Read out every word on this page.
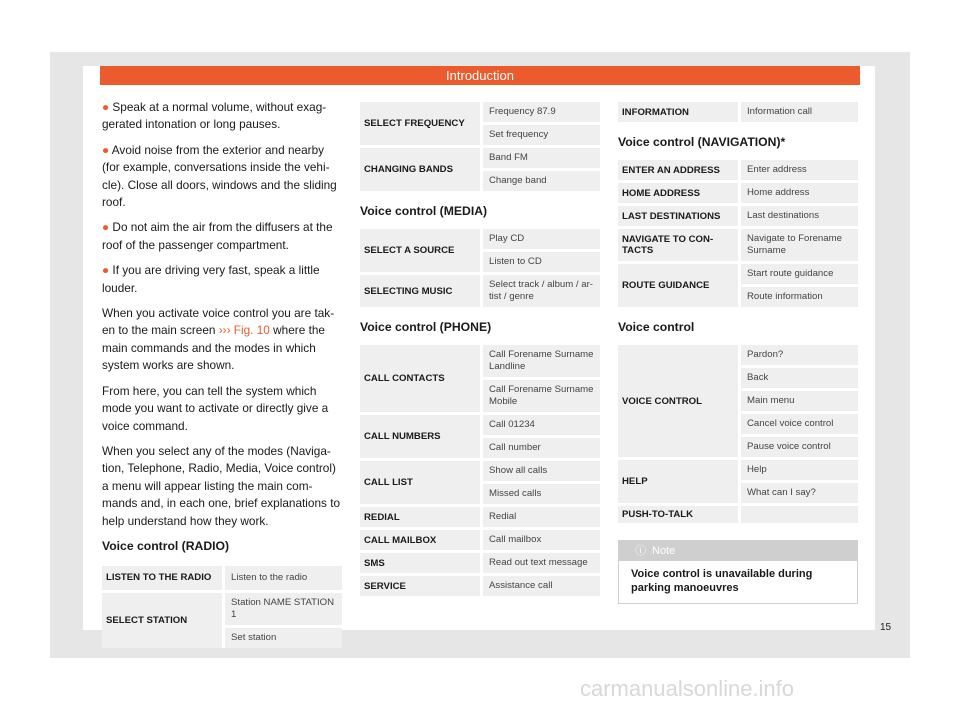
Introduction

● Speak at a normal volume, without exag-gerated intonation or long pauses.

● Avoid noise from the exterior and nearby (for example, conversations inside the vehi-cle). Close all doors, windows and the sliding roof.

● Do not aim the air from the diffusers at the roof of the passenger compartment.

● If you are driving very fast, speak a little louder.

When you activate voice control you are tak-en to the main screen ››› Fig. 10 where the main commands and the modes in which system works are shown.

From here, you can tell the system which mode you want to activate or directly give a voice command.

When you select any of the modes (Naviga-tion, Telephone, Radio, Media, Voice control) a menu will appear listing the main com-mands and, in each one, brief explanations to help understand how they work.

Voice control (RADIO)
LISTEN TO THE RADIO	Listen to the radio
SELECT STATION	Station NAME STATION 1
	Set station
SELECT FREQUENCY	Frequency 87.9
	Set frequency
CHANGING BANDS	Band FM
	Change band
Voice control (MEDIA)
SELECT A SOURCE	Play CD
	Listen to CD
SELECTING MUSIC	Select track / album / ar-tist / genre
Voice control (PHONE)
CALL CONTACTS	Call Forename Surname Landline
	Call Forename Surname Mobile
CALL NUMBERS	Call 01234
	Call number
CALL LIST	Show all calls
	Missed calls
REDIAL	Redial
CALL MAILBOX	Call mailbox
SMS	Read out text message
SERVICE	Assistance call
INFORMATION	Information call
Voice control (NAVIGATION)*
ENTER AN ADDRESS	Enter address
HOME ADDRESS	Home address
LAST DESTINATIONS	Last destinations
NAVIGATE TO CON-TACTS	Navigate to Forename Surname
ROUTE GUIDANCE	Start route guidance
	Route information
Voice control
VOICE CONTROL	Pardon?
	Back
	Main menu
	Cancel voice control
	Pause voice control
HELP	Help
	What can I say?
PUSH-TO-TALK	
ⓘ Note
Voice control is unavailable during parking manoeuvres
15
carmanualsonline.info
